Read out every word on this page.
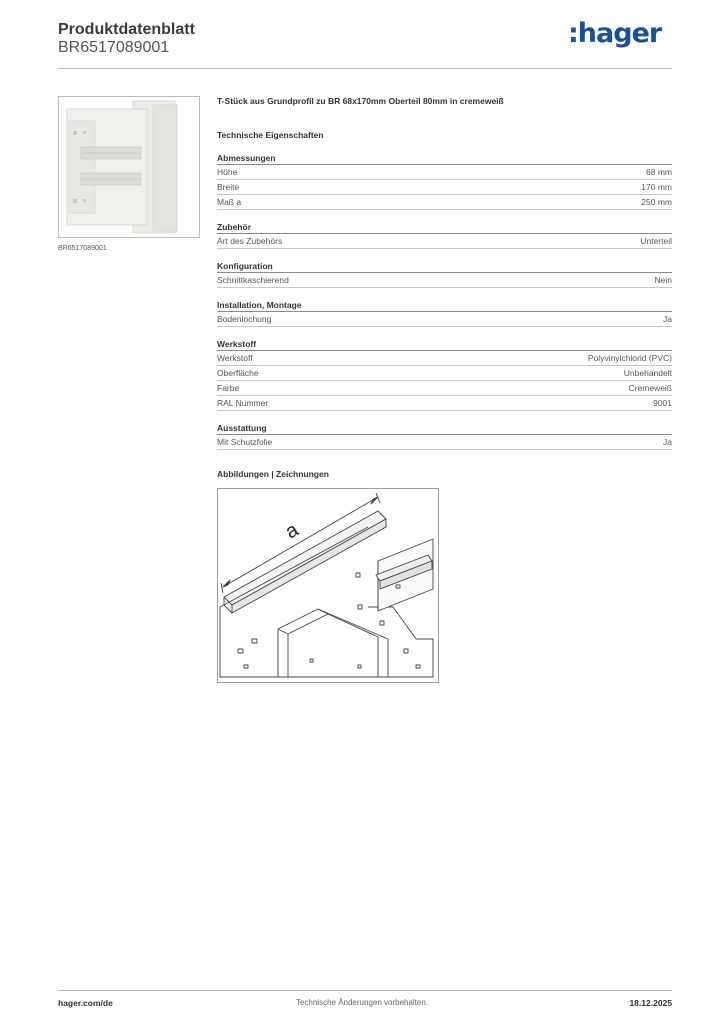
Produktdatenblatt
BR6517089001	:hager
BR6517089001
T-Stück aus Grundprofil zu BR 68x170mm Oberteil 80mm in cremeweiß
Technische Eigenschaften
Abmessungen
Höhe	68 mm
Breite	170 mm
Maß a	250 mm
Zubehör
Art des Zubehörs	Unterteil
Konfiguration
Schnittkaschierend	Nein
Installation, Montage
Bodenlochung	Ja
Werkstoff
Werkstoff	Polyvinylchlorid (PVC)
Oberfläche	Unbehandelt
Farbe	Cremeweiß
RAL Nummer	9001
Ausstattung
Mit Schutzfolie	Ja
Abbildungen | Zeichnungen
a
hager.com/de	Technische Änderungen vorbehalten.	18.12.2025
